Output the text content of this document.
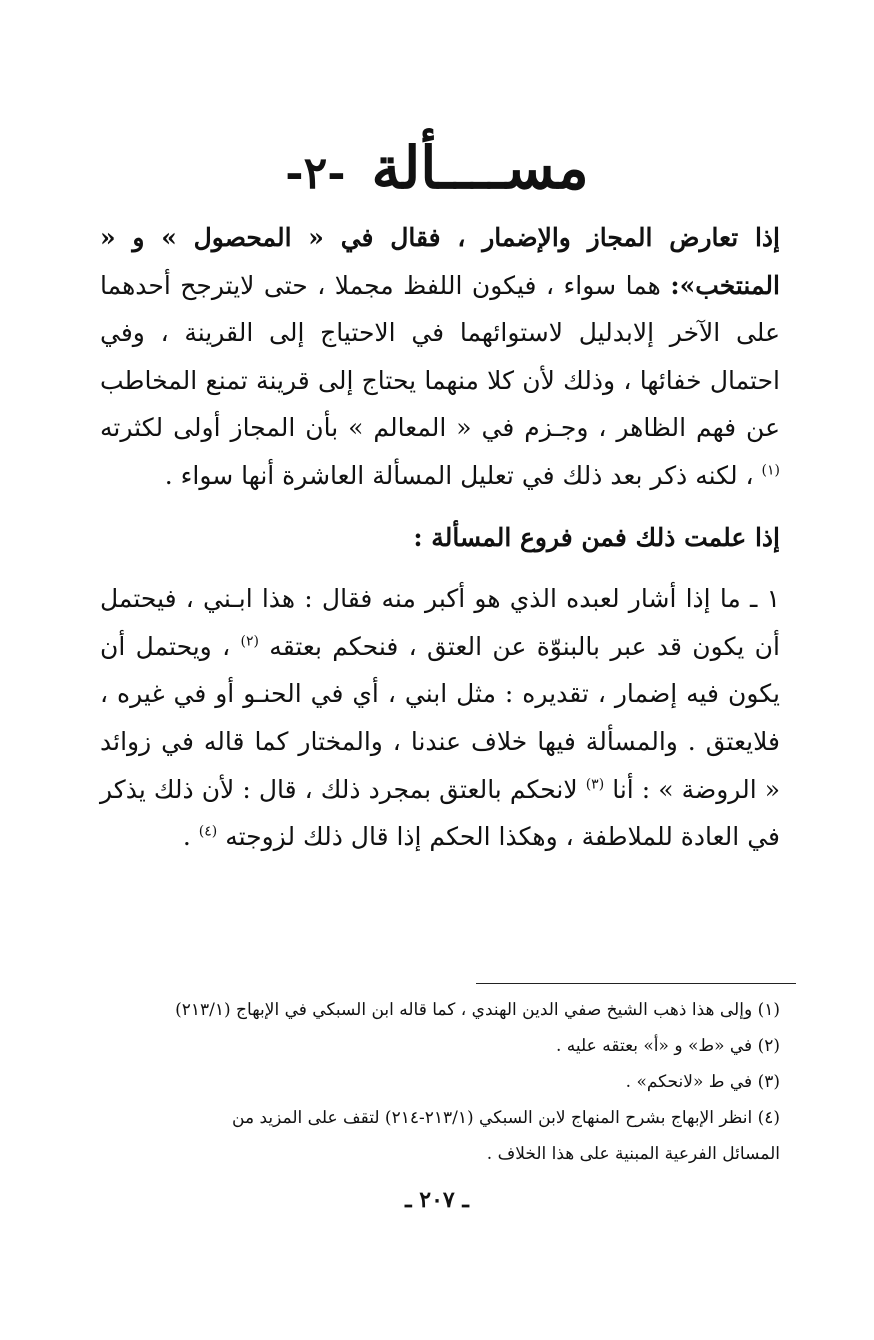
مســــألة-٢-

إذا تعارض المجاز والإضمار ، فقال في « المحصول » و « المنتخب»: هما سواء ، فيكون اللفظ مجملا ، حتى لايترجح أحدهما على الآخر إلابدليل لاستوائهما في الاحتياج إلى القرينة ، وفي احتمال خفائها ، وذلك لأن كلا منهما يحتاج إلى قرينة تمنع المخاطب عن فهم الظاهر ، وجـزم في « المعالم » بأن المجاز أولى لكثرته $^{(١)}$ ، لكنه ذكر بعد ذلك في تعليل المسألة العاشرة أنها سواء .

إذا علمت ذلك فمن فروع المسألة :

١ ـ ما إذا أشار لعبده الذي هو أكبر منه فقال : هذا ابـني ، فيحتمل أن يكون قد عبر بالبنوّة عن العتق ، فنحكم بعتقه $^{(٢)}$ ، ويحتمل أن يكون فيه إضمار ، تقديره : مثل ابني ، أي في الحنـو أو في غيره ، فلايعتق . والمسألة فيها خلاف عندنا ، والمختار كما قاله في زوائد « الروضة » : أنا $^{(٣)}$ لانحكم بالعتق بمجرد ذلك ، قال : لأن ذلك يذكر في العادة للملاطفة ، وهكذا الحكم إذا قال ذلك لزوجته $^{(٤)}$ .

(١) وإلى هذا ذهب الشيخ صفي الدين الهندي ، كما قاله ابن السبكي في الإبهاج (٢١٣/١)

(٢) في «ط» و «أ» بعتقه عليه .

(٣) في ط «لانحكم» .

(٤) انظر الإبهاج بشرح المنهاج لابن السبكي (٢١٣/١-٢١٤) لتقف على المزيد من

المسائل الفرعية المبنية على هذا الخلاف .

ـ ٢٠٧ ـ
